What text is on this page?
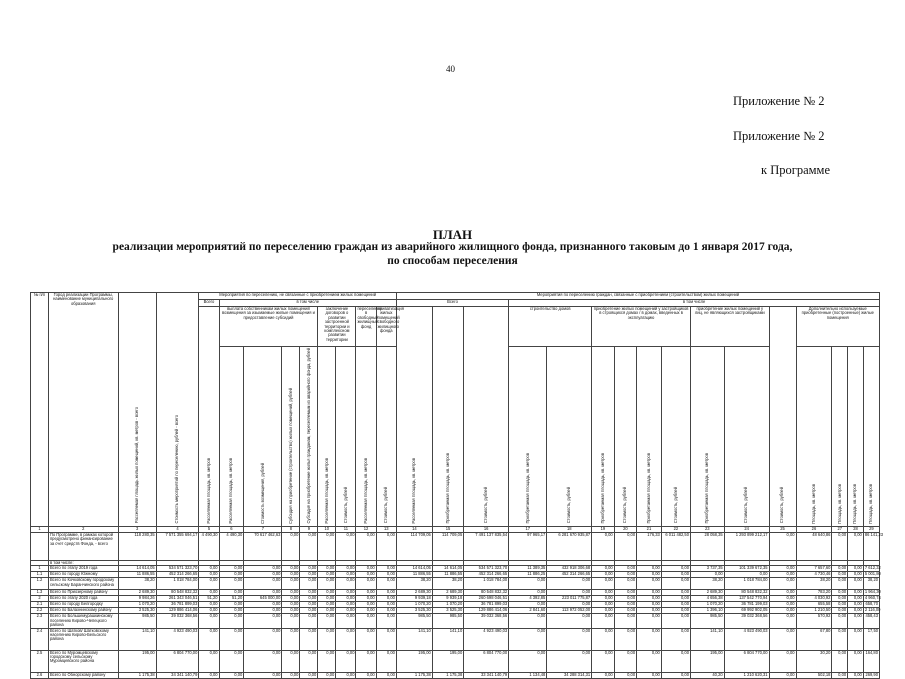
40
Приложение № 2
Приложение № 2
к Программе
ПЛАН
реализации мероприятий по переселению граждан из аварийного жилищного фонда, признанного таковым до 1 января 2017 года,
по способам переселения
№ п/п	Город реализации Программы, наименование муниципального образования	Расселяемая площадь жилых помещений, кв. метров - всего	Стоимость мероприятий по переселению, рублей - всего	Мероприятия по переселению, не связанные с приобретением жилых помещений									Мероприятия по переселению граждан, связанные с приобретением (строительством) жилых помещений															
				Всего	в том числе								Всего			в том числе												
				Расселяемая площадь, кв. метров	выплата собственникам жилых помещений возмещения за изымаемые жилые помещения и предоставление субсидий				заключение договоров о развитии застроенной территории и комплексном развитии территории		переселение в свободный жилищный фонд	приватизация жилых помещений свободного жилищного фонда	Расселяемая площадь, кв. метров	Приобретаемая площадь, кв. метров	Стоимость, рублей	строительство домов		приобретение жилых помещений у застройщиков
в строящихся домах / в домах, введенных в эксплуатацию				приобретение жилых помещений у лиц, не являющихся застройщиками		Стоимость, рублей	Дополнительно используемые приобретенные (построенные) жилые помещения			
					Расселяемая площадь, кв. метров	Стоимость возмещения, рублей	Субсидия на приобретение (строительство) жилых помещений, рублей	Субсидия на приобретение жилья гражданам, переселяемым из аварийного фонда, рублей	Расселяемая площадь, кв. метров	Стоимость, рублей	Расселяемая площадь, кв. метров	Стоимость, рублей				Приобретаемая площадь, кв. метров	Стоимость, рублей	Приобретаемая площадь, кв. метров	Стоимость, рублей	Приобретаемая площадь, кв. метров	Стоимость, рублей	Приобретаемая площадь, кв. метров	Стоимость, рублей		Площадь, кв. метров	Площадь, кв. метров	Площадь, кв. метров	Площадь, кв. метров
1	2	3	4	5	6	7	8	9	10	11	12	13	14	15	16	17	18	19	20	21	22	23	24	25	26	27	28	29
	По Программе, в рамках которой предусмотрено финансирование за счет средств Фонда, - всего	118 280,35	7 571 355 694,17	4 490,30	4 490,30	70 617 462,63	0,00	0,00	0,00	0,00	0,00	0,00	114 709,05	114 709,05	7 491 137 835,54	97 965,17	6 281 670 935,87	0,00	0,00	176,33	6 011 482,50	28 058,35	1 293 899 212,17	0,00	48 640,86	0,00	0,00	86 141,23
	в том числе:																											
1	Всего по этапу 2019 года	14 614,05	534 571 323,70	0,00	0,00	0,00	0,00	0,00	0,00	0,00	0,00	0,00	14 614,05	14 614,05	534 571 323,70	11 389,35	432 918 306,68	0,00	0,00	0,00	0,00	3 737,35	101 339 672,35	0,00	7 657,60	0,00	0,00	7 612,32
1.1	Всего по городу Южному	11 886,55	452 314 266,65	0,00	0,00	0,00	0,00	0,00	0,00	0,00	0,00	0,00	11 886,55	11 886,55	452 314 266,65	11 886,25	452 314 266,65	0,00	0,00	0,00	0,00	0,00	0,00	0,00	4 730,46	0,00	0,00	5 001,80
1.2	Всего по Кочковскому городскому сельскому Баранчинского района	38,20	1 018 784,00	0,00	0,00	0,00	0,00	0,00	0,00	0,00	0,00	0,00	38,20	38,20	1 018 784,00	0,00	0,00	0,00	0,00	0,00	0,00	38,20	1 018 784,00	0,00	38,20	0,00	0,00	38,20
1.3	Всего по Приозерному району	2 689,30	80 548 832,32	0,00	0,00	0,00	0,00	0,00	0,00	0,00	0,00	0,00	2 689,30	2 689,30	80 548 832,32	0,00	0,00	0,00	0,00	0,00	0,00	2 689,30	80 548 832,32	0,00	783,20	0,00	0,00	1 964,30
2	Всего по этапу 2020 года	9 984,26	261 343 046,51	51,20	51,20	645 000,00	0,00	0,00	0,00	0,00	0,00	0,00	9 939,18	9 939,18	260 698 046,51	4 392,85	223 011 775,87	0,00	0,00	0,00	0,00	4 656,38	137 542 770,94	0,00	4 030,92	0,00	0,00	4 960,74
2.1	Всего по городу Белгородку	1 070,20	36 781 899,03	0,00	0,00	0,00	0,00	0,00	0,00	0,00	0,00	0,00	1 070,20	1 070,20	36 781 899,03	0,00	0,00	0,00	0,00	0,00	0,00	1 070,20	36 781 199,03	0,00	655,58	0,00	0,00	658,70
2.2	Всего по Балахнинскому району	3 525,30	129 886 414,06	0,00	0,00	0,00	0,00	0,00	0,00	0,00	0,00	0,00	3 525,30	3 525,30	129 886 414,06	2 841,60	113 972 052,00	0,00	0,00	0,00	0,00	1 396,10	69 992 902,05	0,00	1 210,50	0,00	0,00	2 116,00
2.3	Всего по Большемурашкинскому поселению Кирово-Чепецкого района	985,50	39 032 368,56	0,00	0,00	0,00	0,00	0,00	0,00	0,00	0,00	0,00	985,50	985,50	39 032 368,56	0,00	0,00	0,00	0,00	0,00	0,00	985,50	39 032 368,56	0,00	570,92	0,00	0,00	458,43
2.4	Всего по Шатков/ Шатковскому населению Кирово-Бельского района	141,10	4 923 490,03	0,00	0,00	0,00	0,00	0,00	0,00	0,00	0,00	0,00	141,10	141,10	4 923 490,03	0,00	0,00	0,00	0,00	0,00	0,00	141,10	4 923 490,03	0,00	67,80	0,00	0,00	17,50
2.5	Всего по Муромцевскому городскому сельскому Муромцевского района	195,00	6 804 770,00	0,00	0,00	0,00	0,00	0,00	0,00	0,00	0,00	0,00	195,00	195,00	6 804 770,00	0,00	0,00	0,00	0,00	0,00	0,00	195,00	6 804 770,00	0,00	30,20	0,00	0,00	164,80
2.6	Всего по Обнорскому району	1 175,38	34 341 140,79	0,00	0,00	0,00	0,00	0,00	0,00	0,00	0,00	0,00	1 175,38	1 175,38	33 341 140,79	1 134,48	34 288 314,31	0,00	0,00	0,00	0,00	40,20	1 210 620,31	0,00	502,18	0,00	0,00	269,90
